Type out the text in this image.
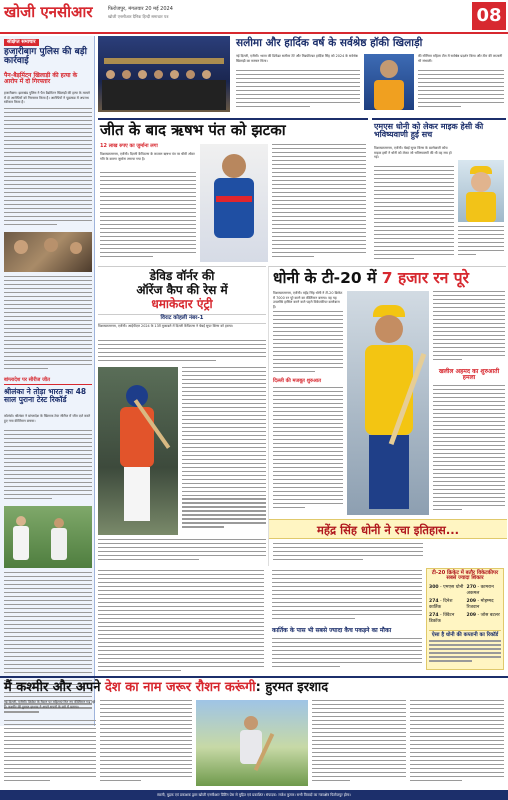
खोजी एनसीआर	फिरोजपुर, मंगलवार 20 मई 2024
खोजी एनसीआर दैनिक हिन्दी समाचार पत्र	08
संक्षिप्त समाचार
हजारीबाग पुलिस की बड़ी कार्रवाई
पैन-बैड़मिंटन खिलाड़ी की हत्या के आरोप में दो गिरफ्तार
हजारीबाग। झारखंड पुलिस ने पैरा बैडमिंटन खिलाड़ी की हत्या के मामले में दो आरोपियों को गिरफ्तार किया है। आरोपियों ने पूछताछ में अपराध स्वीकार किया है।
बांग्लादेश पर सीरीज जीत
श्रीलंका ने तोड़ा भारत का 48 साल पुराना टेस्ट रिकॉर्ड
कोलंबो। श्रीलंका ने बांग्लादेश के खिलाफ टेस्ट सीरीज में जीत दर्ज करते हुए नया कीर्तिमान बनाया।
सलीमा और हार्दिक वर्ष के सर्वश्रेष्ठ हॉकी खिलाड़ी
नई दिल्ली, एजेंसी। भारत की डिफेंडर सलीमा टेटे और मिडफील्डर हार्दिक सिंह को 2024 के सर्वश्रेष्ठ खिलाड़ी का सम्मान मिला।
की सीनियर महिला टीम में सर्वश्रेष्ठ प्रदर्शन किया और टीम की कप्तानी भी संभाली।
जीत के बाद ऋषभ पंत को झटका
12 लाख रुपए का जुर्माना लगा
विशाखापत्तनम, एजेंसी। दिल्ली कैपिटल्स के कप्तान ऋषभ पंत पर धीमी ओवर गति के कारण जुर्माना लगाया गया है।
एमएस धोनी को लेकर माइक हेसी की भविष्यवाणी हुई सच
विशाखापत्तनम, एजेंसी। चेन्नई सुपर किंग्स के बल्लेबाजी कोच माइक हसी ने धोनी को लेकर जो भविष्यवाणी की थी वह सच हो गई।
डेविड वॉर्नर की
ऑरेंज कैप की रेस में
धमाकेदार एंट्री
विराट कोहली नंबर-1
विशाखापत्तनम, एजेंसी। आईपीएल 2024 के 13वें मुकाबले में दिल्ली कैपिटल्स ने चेन्नई सुपर किंग्स को हराया।
धोनी के टी-20 में 7 हजार रन पूरे
विशाखापत्तनम, एजेंसी। महेंद्र सिंह धोनी ने टी-20 क्रिकेट में 7000 रन पूरे करने का कीर्तिमान बनाया। वह यह उपलब्धि हासिल करने वाले पहले विकेटकीपर बल्लेबाज हैं।
दिल्ली की मजबूत शुरुआत
खलील अहमद का शुरुआती हमला
महेंद्र सिंह धोनी ने रचा इतिहास...
कार्तिक के पास भी सबसे ज्यादा कैच पकड़ने का मौका
टी-20 क्रिकेट में बतौर विकेटकीपर सबसे ज्यादा शिकार
300 - एमएस धोनी 270 - कामरान अकमल
274 - दिनेश कार्तिक
209 - मोहम्मद रिजवान
274 - क्विंटन डिकॉक
209 - जोस बटलर
ऐसा है धोनी की कप्तानी का रिकॉर्ड
मैं कश्मीर और अपने देश का नाम जरूर रौशन करूंगी: हुरमत इरशाद
नई दिल्ली, एजेंसी। क्रिकेट के मैदान पर महिलाएं नित नए कीर्तिमान गढ़ रही हैं। कश्मीर की हुरमत इरशाद ने अपने सपनों के बारे में बताया।
स्वामी, मुद्रक एवं प्रकाशक द्वारा खोजी एनसीआर प्रिंटिंग प्रेस से मुद्रित एवं प्रकाशित। संपादक: राजेश कुमार। सभी विवादों का न्यायक्षेत्र फिरोजपुर होगा।
